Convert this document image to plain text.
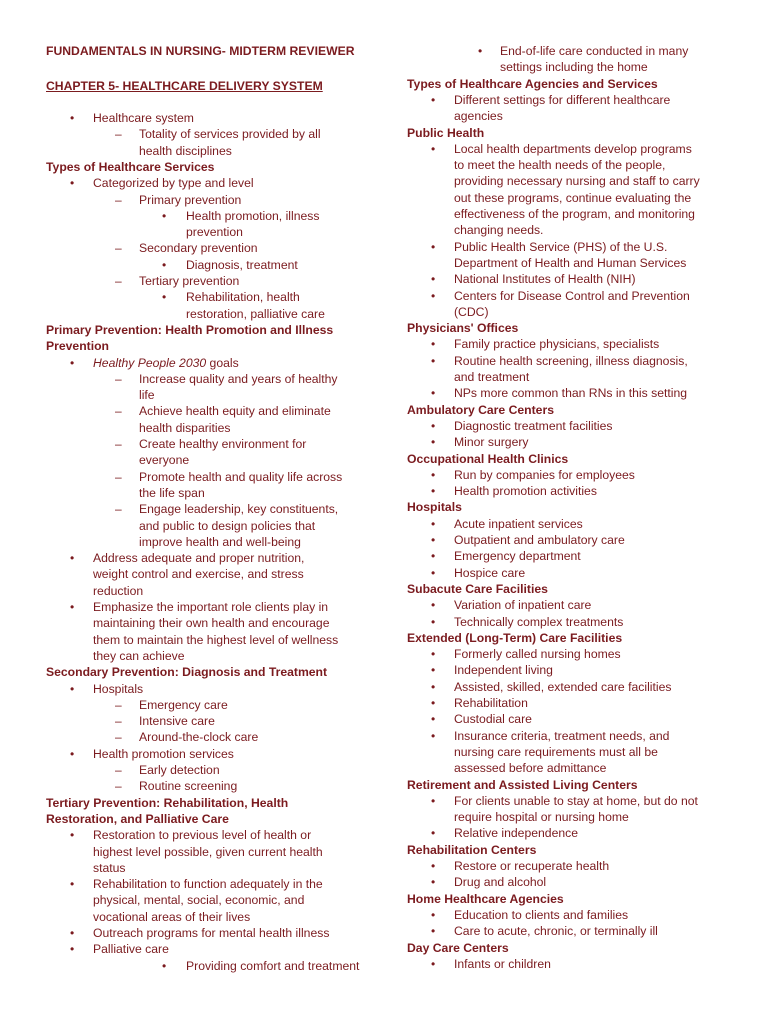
FUNDAMENTALS IN NURSING- MIDTERM REVIEWER
CHAPTER 5- HEALTHCARE DELIVERY SYSTEM
• Healthcare system
– Totality of services provided by all
health disciplines
Types of Healthcare Services
• Categorized by type and level
– Primary prevention
• Health promotion, illness
prevention
– Secondary prevention
• Diagnosis, treatment
– Tertiary prevention
• Rehabilitation, health
restoration, palliative care
Primary Prevention: Health Promotion and Illness
Prevention
• Healthy People 2030 goals
– Increase quality and years of healthy
life
– Achieve health equity and eliminate
health disparities
– Create healthy environment for
everyone
– Promote health and quality life across
the life span
– Engage leadership, key constituents,
and public to design policies that
improve health and well-being
• Address adequate and proper nutrition,
weight control and exercise, and stress
reduction
• Emphasize the important role clients play in
maintaining their own health and encourage
them to maintain the highest level of wellness
they can achieve
Secondary Prevention: Diagnosis and Treatment
• Hospitals
– Emergency care
– Intensive care
– Around-the-clock care
• Health promotion services
– Early detection
– Routine screening
Tertiary Prevention: Rehabilitation, Health
Restoration, and Palliative Care
• Restoration to previous level of health or
highest level possible, given current health
status
• Rehabilitation to function adequately in the
physical, mental, social, economic, and
vocational areas of their lives
• Outreach programs for mental health illness
• Palliative care
• Providing comfort and treatment
• End-of-life care conducted in many
settings including the home
Types of Healthcare Agencies and Services
• Different settings for different healthcare
agencies
Public Health
• Local health departments develop programs
to meet the health needs of the people,
providing necessary nursing and staff to carry
out these programs, continue evaluating the
effectiveness of the program, and monitoring
changing needs.
• Public Health Service (PHS) of the U.S.
Department of Health and Human Services
• National Institutes of Health (NIH)
• Centers for Disease Control and Prevention
(CDC)
Physicians' Offices
• Family practice physicians, specialists
• Routine health screening, illness diagnosis,
and treatment
• NPs more common than RNs in this setting
Ambulatory Care Centers
• Diagnostic treatment facilities
• Minor surgery
Occupational Health Clinics
• Run by companies for employees
• Health promotion activities
Hospitals
• Acute inpatient services
• Outpatient and ambulatory care
• Emergency department
• Hospice care
Subacute Care Facilities
• Variation of inpatient care
• Technically complex treatments
Extended (Long-Term) Care Facilities
• Formerly called nursing homes
• Independent living
• Assisted, skilled, extended care facilities
• Rehabilitation
• Custodial care
• Insurance criteria, treatment needs, and
nursing care requirements must all be
assessed before admittance
Retirement and Assisted Living Centers
• For clients unable to stay at home, but do not
require hospital or nursing home
• Relative independence
Rehabilitation Centers
• Restore or recuperate health
• Drug and alcohol
Home Healthcare Agencies
• Education to clients and families
• Care to acute, chronic, or terminally ill
Day Care Centers
• Infants or children
